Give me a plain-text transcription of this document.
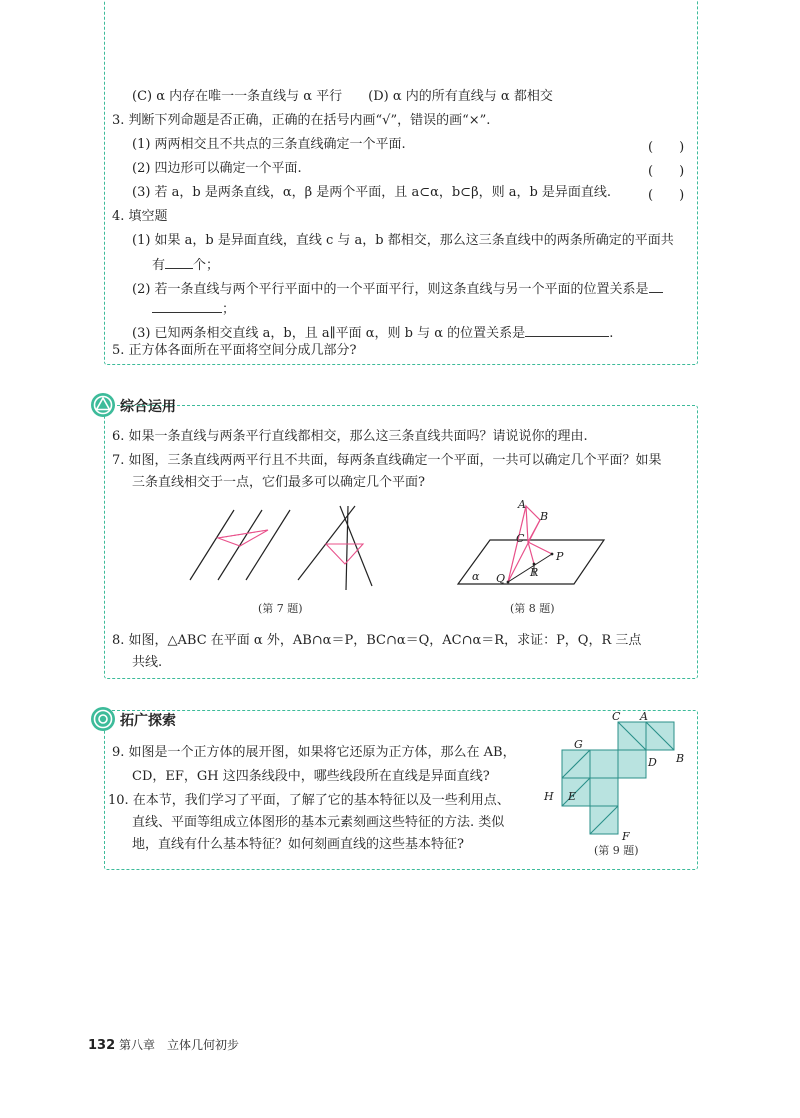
(C) α 内存在唯一一条直线与 α 平行　　(D) α 内的所有直线与 α 都相交
3. 判断下列命题是否正确，正确的在括号内画“√”，错误的画“×”.
(1) 两两相交且不共点的三条直线确定一个平面.	(　　)
(2) 四边形可以确定一个平面.	(　　)
(3) 若 a，b 是两条直线，α，β 是两个平面，且 a⊂α，b⊂β，则 a，b 是异面直线.	(　　)
4. 填空题
(1) 如果 a，b 是异面直线，直线 c 与 a，b 都相交，那么这三条直线中的两条所确定的平面共
有 个；
(2) 若一条直线与两个平行平面中的一个平面平行，则这条直线与另一个平面的位置关系是
；
(3) 已知两条相交直线 a，b，且 a∥平面 α，则 b 与 α 的位置关系是	.
5. 正方体各面所在平面将空间分成几部分?
综合运用
6. 如果一条直线与两条平行直线都相交，那么这三条直线共面吗？请说说你的理由.
7. 如图，三条直线两两平行且不共面，每两条直线确定一个平面，一共可以确定几个平面？如果
三条直线相交于一点，它们最多可以确定几个平面?
(第 7 题)
A
B
C
P
R
Q
α
(第 8 题)
8. 如图，△ABC 在平面 α 外，AB∩α＝P，BC∩α＝Q，AC∩α＝R，求证：P，Q，R 三点
共线.
拓广探索
9. 如图是一个正方体的展开图，如果将它还原为正方体，那么在 AB，
CD，EF，GH 这四条线段中，哪些线段所在直线是异面直线?
10. 在本节，我们学习了平面，了解了它的基本特征以及一些利用点、
直线、平面等组成立体图形的基本元素刻画这些特征的方法. 类似
地，直线有什么基本特征？如何刻画直线的这些基本特征?
C A
G
B
D
H E
F
(第 9 题)
132 第八章　立体几何初步
